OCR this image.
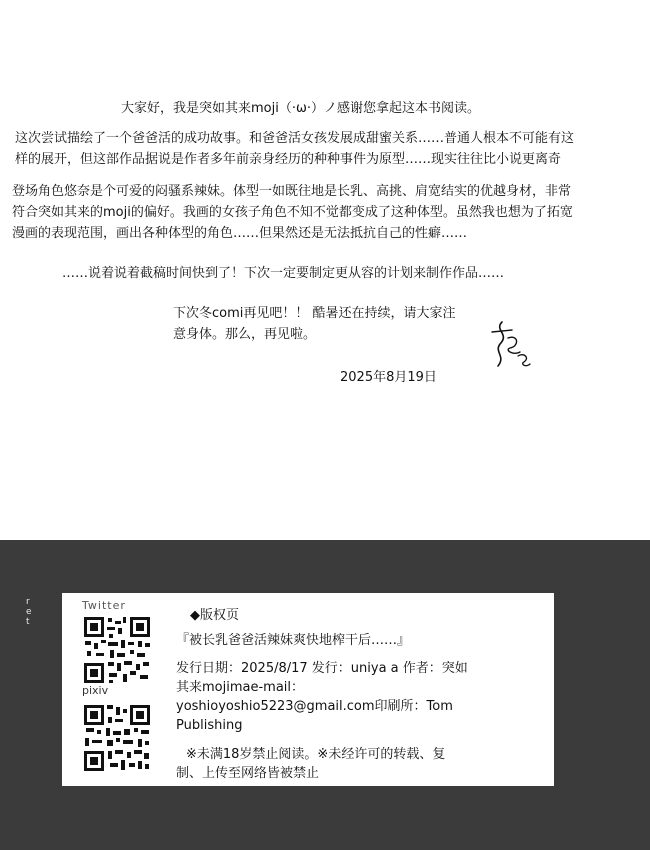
大家好，我是突如其来moji（·ω·）ノ感谢您拿起这本书阅读。

这次尝试描绘了一个爸爸活的成功故事。和爸爸活女孩发展成甜蜜关系……普通人根本不可能有这

样的展开，但这部作品据说是作者多年前亲身经历的种种事件为原型……现实往往比小说更离奇

登场角色悠奈是个可爱的闷骚系辣妹。体型一如既往地是长乳、高挑、肩宽结实的优越身材，非常

符合突如其来的moji的偏好。我画的女孩子角色不知不觉都变成了这种体型。虽然我也想为了拓宽

漫画的表现范围，画出各种体型的角色……但果然还是无法抵抗自己的性癖……

……说着说着截稿时间快到了！下次一定要制定更从容的计划来制作作品……

下次冬comi再见吧！！ 酷暑还在持续，请大家注

意身体。那么，再见啦。

2025年8月19日

r
e
t
Twitter
pixiv

◆版权页

『被长乳爸爸活辣妹爽快地榨干后……』

发行日期：2025/8/17 发行：uniya a 作者：突如

其来mojimae-mail：

yoshioyoshio5223@gmail.com印刷所：Tom

Publishing

※未满18岁禁止阅读。※未经许可的转载、复

制、上传至网络皆被禁止
